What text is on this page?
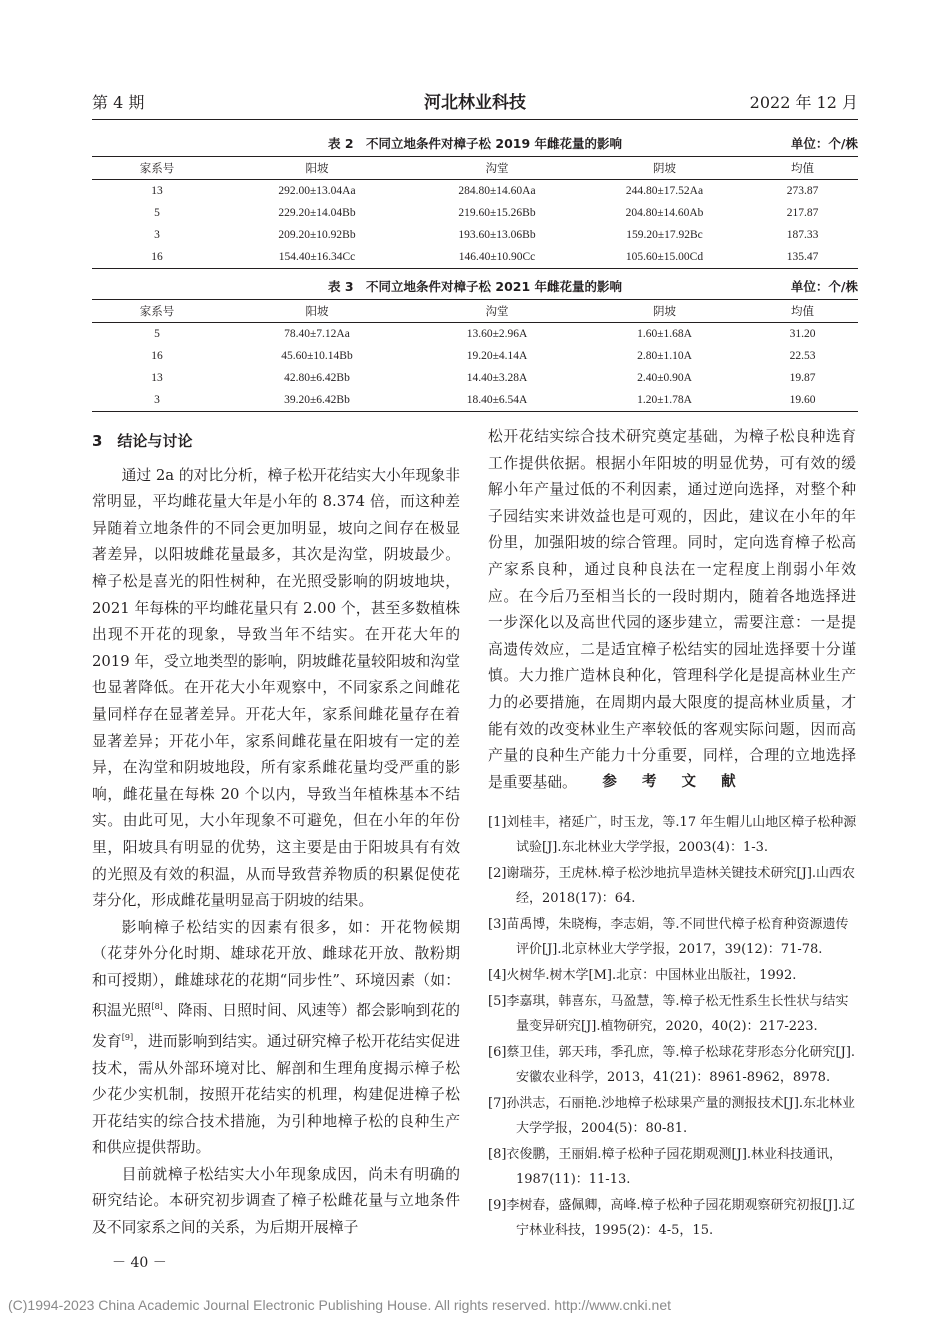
第 4 期	河北林业科技	2022 年 12 月
表 2　不同立地条件对樟子松 2019 年雌花量的影响	单位：个/株
家系号	阳坡	沟堂	阴坡	均值
13	292.00±13.04Aa	284.80±14.60Aa	244.80±17.52Aa	273.87
5	229.20±14.04Bb	219.60±15.26Bb	204.80±14.60Ab	217.87
3	209.20±10.92Bb	193.60±13.06Bb	159.20±17.92Bc	187.33
16	154.40±16.34Cc	146.40±10.90Cc	105.60±15.00Cd	135.47
表 3　不同立地条件对樟子松 2021 年雌花量的影响	单位：个/株
家系号	阳坡	沟堂	阴坡	均值
5	78.40±7.12Aa	13.60±2.96A	1.60±1.68A	31.20
16	45.60±10.14Bb	19.20±4.14A	2.80±1.10A	22.53
13	42.80±6.42Bb	14.40±3.28A	2.40±0.90A	19.87
3	39.20±6.42Bb	18.40±6.54A	1.20±1.78A	19.60
3　结论与讨论

通过 2a 的对比分析，樟子松开花结实大小年现象非常明显，平均雌花量大年是小年的 8.374 倍，而这种差异随着立地条件的不同会更加明显，坡向之间存在极显著差异，以阳坡雌花量最多，其次是沟堂，阴坡最少。樟子松是喜光的阳性树种，在光照受影响的阴坡地块，2021 年每株的平均雌花量只有 2.00 个，甚至多数植株出现不开花的现象，导致当年不结实。在开花大年的 2019 年，受立地类型的影响，阴坡雌花量较阳坡和沟堂也显著降低。在开花大小年观察中，不同家系之间雌花量同样存在显著差异。开花大年，家系间雌花量存在着显著差异；开花小年，家系间雌花量在阳坡有一定的差异，在沟堂和阴坡地段，所有家系雌花量均受严重的影响，雌花量在每株 20 个以内，导致当年植株基本不结实。由此可见，大小年现象不可避免，但在小年的年份里，阳坡具有明显的优势，这主要是由于阳坡具有有效的光照及有效的积温，从而导致营养物质的积累促使花芽分化，形成雌花量明显高于阴坡的结果。

影响樟子松结实的因素有很多，如：开花物候期（花芽外分化时期、雄球花开放、雌球花开放、散粉期和可授期），雌雄球花的花期“同步性”、环境因素（如：积温光照[8]、降雨、日照时间、风速等）都会影响到花的发育[9]，进而影响到结实。通过研究樟子松开花结实促进技术，需从外部环境对比、解剖和生理角度揭示樟子松少花少实机制，按照开花结实的机理，构建促进樟子松开花结实的综合技术措施，为引种地樟子松的良种生产和供应提供帮助。

目前就樟子松结实大小年现象成因，尚未有明确的研究结论。本研究初步调查了樟子松雌花量与立地条件及不同家系之间的关系，为后期开展樟子

松开花结实综合技术研究奠定基础，为樟子松良种选育工作提供依据。根据小年阳坡的明显优势，可有效的缓解小年产量过低的不利因素，通过逆向选择，对整个种子园结实来讲效益也是可观的，因此，建议在小年的年份里，加强阳坡的综合管理。同时，定向选育樟子松高产家系良种，通过良种良法在一定程度上削弱小年效应。在今后乃至相当长的一段时期内，随着各地选择进一步深化以及高世代园的逐步建立，需要注意：一是提高遗传效应，二是适宜樟子松结实的园址选择要十分谨慎。大力推广造林良种化，管理科学化是提高林业生产力的必要措施，在周期内最大限度的提高林业质量，才能有效的改变林业生产率较低的客观实际问题，因而高产量的良种生产能力十分重要，同样，合理的立地选择是重要基础。	参 考 文 献
[1]刘桂丰，褚延广，时玉龙，等.17 年生帽儿山地区樟子松种源试验[J].东北林业大学学报，2003(4)：1-3.
[2]谢瑞芬，王虎林.樟子松沙地抗旱造林关键技术研究[J].山西农经，2018(17)：64.
[3]苗禹博，朱晓梅，李志娟，等.不同世代樟子松育种资源遗传评价[J].北京林业大学学报，2017，39(12)：71-78.
[4]火树华.树木学[M].北京：中国林业出版社，1992.
[5]李嘉琪，韩喜东，马盈慧，等.樟子松无性系生长性状与结实量变异研究[J].植物研究，2020，40(2)：217-223.
[6]蔡卫佳，郭天玮，季孔庶，等.樟子松球花芽形态分化研究[J].安徽农业科学，2013，41(21)：8961-8962，8978.
[7]孙洪志，石丽艳.沙地樟子松球果产量的测报技术[J].东北林业大学学报，2004(5)：80-81.
[8]衣俊鹏，王丽娟.樟子松种子园花期观测[J].林业科技通讯，1987(11)：11-13.
[9]李树春，盛佩卿，高峰.樟子松种子园花期观察研究初报[J].辽宁林业科技，1995(2)：4-5，15.
－ 40 －
(C)1994-2023 China Academic Journal Electronic Publishing House. All rights reserved. http://www.cnki.net
